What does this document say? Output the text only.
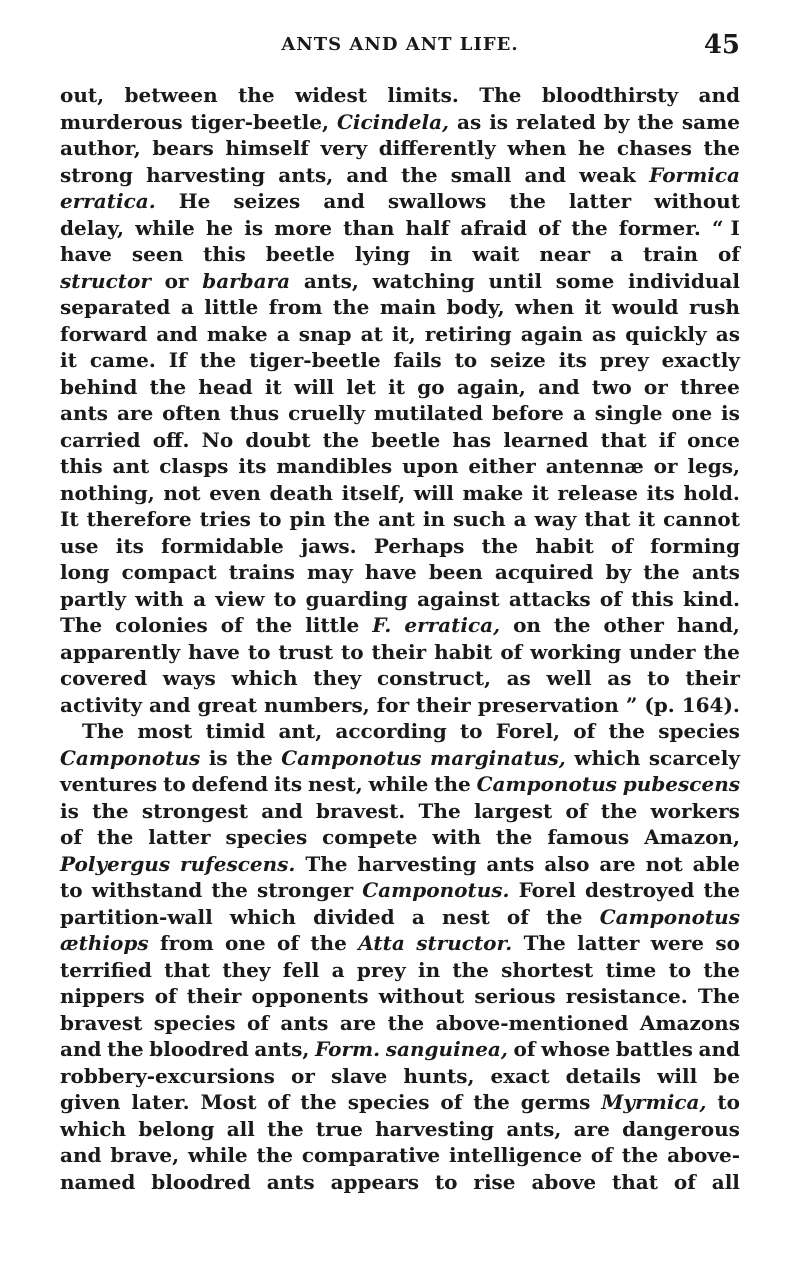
ANTS AND ANT LIFE.	45
out, between the widest limits. The bloodthirsty and
murderous tiger-beetle, Cicindela, as is related by the same
author, bears himself very differently when he chases the
strong harvesting ants, and the small and weak Formica
erratica. He seizes and swallows the latter without
delay, while he is more than half afraid of the former. “ I
have seen this beetle lying in wait near a train of
structor or barbara ants, watching until some individual
separated a little from the main body, when it would rush
forward and make a snap at it, retiring again as quickly as
it came. If the tiger-beetle fails to seize its prey exactly
behind the head it will let it go again, and two or three
ants are often thus cruelly mutilated before a single one is
carried off. No doubt the beetle has learned that if once
this ant clasps its mandibles upon either antennæ or legs,
nothing, not even death itself, will make it release its hold.
It therefore tries to pin the ant in such a way that it cannot
use its formidable jaws. Perhaps the habit of forming
long compact trains may have been acquired by the ants
partly with a view to guarding against attacks of this kind.
The colonies of the little F. erratica, on the other hand,
apparently have to trust to their habit of working under the
covered ways which they construct, as well as to their
activity and great numbers, for their preservation ” (p. 164).
The most timid ant, according to Forel, of the species
Camponotus is the Camponotus marginatus, which scarcely
ventures to defend its nest, while the Camponotus pubescens
is the strongest and bravest. The largest of the workers
of the latter species compete with the famous Amazon,
Polyergus rufescens. The harvesting ants also are not able
to withstand the stronger Camponotus. Forel destroyed the
partition-wall which divided a nest of the Camponotus
æthiops from one of the Atta structor. The latter were so
terrified that they fell a prey in the shortest time to the
nippers of their opponents without serious resistance. The
bravest species of ants are the above-mentioned Amazons
and the bloodred ants, Form. sanguinea, of whose battles and
robbery-excursions or slave hunts, exact details will be
given later. Most of the species of the germs Myrmica, to
which belong all the true harvesting ants, are dangerous
and brave, while the comparative intelligence of the above-
named bloodred ants appears to rise above that of all
